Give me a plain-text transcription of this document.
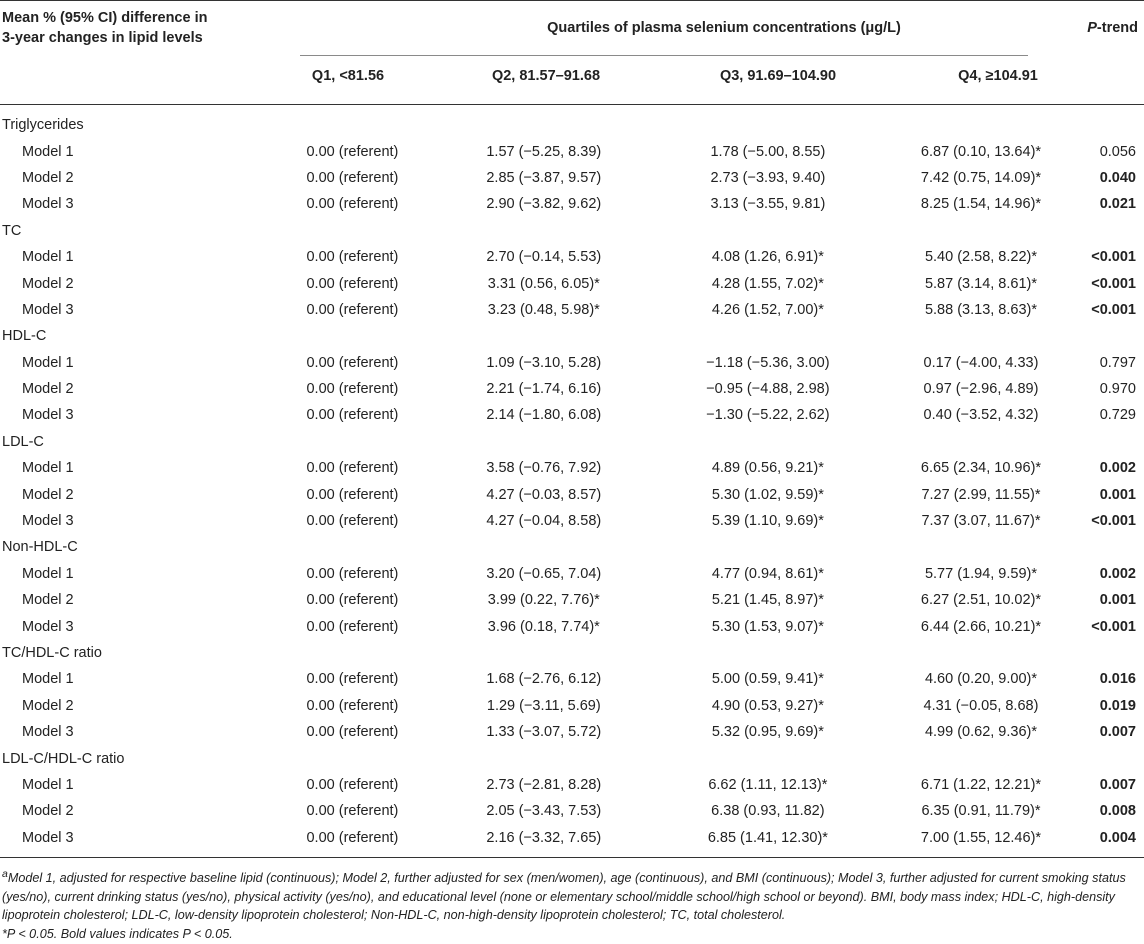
Mean % (95% CI) difference in
3-year changes in lipid levels
Quartiles of plasma selenium concentrations (μg/L)	P-trend
Q1, <81.56	Q2, 81.57–91.68	Q3, 91.69–104.90	Q4, ≥104.91
Triglycerides					
Model 1	0.00 (referent)	1.57 (−5.25, 8.39)	1.78 (−5.00, 8.55)	6.87 (0.10, 13.64)*	0.056
Model 2	0.00 (referent)	2.85 (−3.87, 9.57)	2.73 (−3.93, 9.40)	7.42 (0.75, 14.09)*	0.040
Model 3	0.00 (referent)	2.90 (−3.82, 9.62)	3.13 (−3.55, 9.81)	8.25 (1.54, 14.96)*	0.021
TC					
Model 1	0.00 (referent)	2.70 (−0.14, 5.53)	4.08 (1.26, 6.91)*	5.40 (2.58, 8.22)*	<0.001
Model 2	0.00 (referent)	3.31 (0.56, 6.05)*	4.28 (1.55, 7.02)*	5.87 (3.14, 8.61)*	<0.001
Model 3	0.00 (referent)	3.23 (0.48, 5.98)*	4.26 (1.52, 7.00)*	5.88 (3.13, 8.63)*	<0.001
HDL-C					
Model 1	0.00 (referent)	1.09 (−3.10, 5.28)	−1.18 (−5.36, 3.00)	0.17 (−4.00, 4.33)	0.797
Model 2	0.00 (referent)	2.21 (−1.74, 6.16)	−0.95 (−4.88, 2.98)	0.97 (−2.96, 4.89)	0.970
Model 3	0.00 (referent)	2.14 (−1.80, 6.08)	−1.30 (−5.22, 2.62)	0.40 (−3.52, 4.32)	0.729
LDL-C					
Model 1	0.00 (referent)	3.58 (−0.76, 7.92)	4.89 (0.56, 9.21)*	6.65 (2.34, 10.96)*	0.002
Model 2	0.00 (referent)	4.27 (−0.03, 8.57)	5.30 (1.02, 9.59)*	7.27 (2.99, 11.55)*	0.001
Model 3	0.00 (referent)	4.27 (−0.04, 8.58)	5.39 (1.10, 9.69)*	7.37 (3.07, 11.67)*	<0.001
Non-HDL-C					
Model 1	0.00 (referent)	3.20 (−0.65, 7.04)	4.77 (0.94, 8.61)*	5.77 (1.94, 9.59)*	0.002
Model 2	0.00 (referent)	3.99 (0.22, 7.76)*	5.21 (1.45, 8.97)*	6.27 (2.51, 10.02)*	0.001
Model 3	0.00 (referent)	3.96 (0.18, 7.74)*	5.30 (1.53, 9.07)*	6.44 (2.66, 10.21)*	<0.001
TC/HDL-C ratio					
Model 1	0.00 (referent)	1.68 (−2.76, 6.12)	5.00 (0.59, 9.41)*	4.60 (0.20, 9.00)*	0.016
Model 2	0.00 (referent)	1.29 (−3.11, 5.69)	4.90 (0.53, 9.27)*	4.31 (−0.05, 8.68)	0.019
Model 3	0.00 (referent)	1.33 (−3.07, 5.72)	5.32 (0.95, 9.69)*	4.99 (0.62, 9.36)*	0.007
LDL-C/HDL-C ratio					
Model 1	0.00 (referent)	2.73 (−2.81, 8.28)	6.62 (1.11, 12.13)*	6.71 (1.22, 12.21)*	0.007
Model 2	0.00 (referent)	2.05 (−3.43, 7.53)	6.38 (0.93, 11.82)	6.35 (0.91, 11.79)*	0.008
Model 3	0.00 (referent)	2.16 (−3.32, 7.65)	6.85 (1.41, 12.30)*	7.00 (1.55, 12.46)*	0.004

$^a$Model 1, adjusted for respective baseline lipid (continuous); Model 2, further adjusted for sex (men/women), age (continuous), and BMI (continuous); Model 3, further adjusted for current smoking status (yes/no), current drinking status (yes/no), physical activity (yes/no), and educational level (none or elementary school/middle school/high school or beyond). BMI, body mass index; HDL-C, high-density lipoprotein cholesterol; LDL-C, low-density lipoprotein cholesterol; Non-HDL-C, non-high-density lipoprotein cholesterol; TC, total cholesterol.

*P < 0.05. Bold values indicates P < 0.05.
